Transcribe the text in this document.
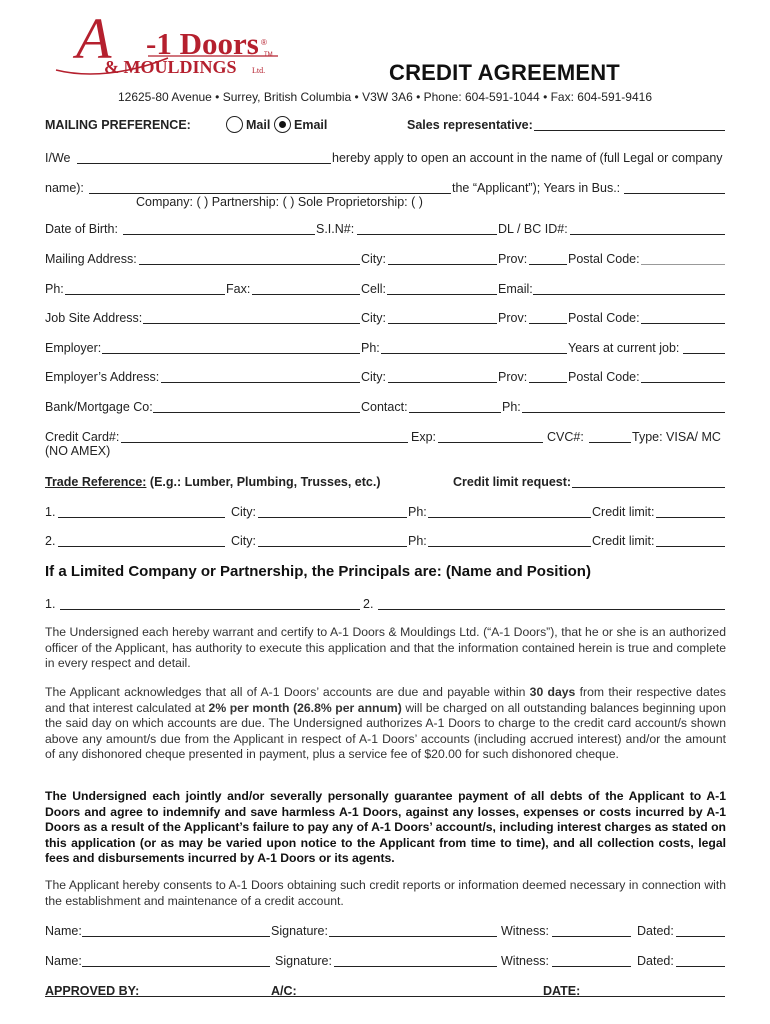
A -1 Doors ®
TM
& MOULDINGS Ltd.	CREDIT AGREEMENT
12625-80 Avenue • Surrey, British Columbia • V3W 3A6 • Phone: 604-591-1044 • Fax: 604-591-9416
MAILING PREFERENCE:	Mail Email	Sales representative:
I/We	hereby apply to open an account in the name of (full Legal or company
name):	the “Applicant”); Years in Bus.:
Company: ( ) Partnership: ( ) Sole Proprietorship: ( )
Date of Birth:	S.I.N#:	DL / BC ID#:
Mailing Address:	City:	Prov:	Postal Code:
Ph:	Fax:	Cell:	Email:
Job Site Address:	City:	Prov:	Postal Code:
Employer:	Ph:	Years at current job:
Employer’s Address:	City:	Prov:	Postal Code:
Bank/Mortgage Co:	Contact:	Ph:
Credit Card#:	Exp:	CVC#:	Type: VISA/ MC
(NO AMEX)
Trade Reference: (E.g.: Lumber, Plumbing, Trusses, etc.)	Credit limit request:
1.	City:	Ph:	Credit limit:
2.	City:	Ph:	Credit limit:
If a Limited Company or Partnership, the Principals are: (Name and Position)
1.	2.
The Undersigned each hereby warrant and certify to A-1 Doors & Mouldings Ltd. (“A-1 Doors”), that he or she is an authorized officer of the Applicant, has authority to execute this application and that the information contained herein is true and complete in every respect and detail.
The Applicant acknowledges that all of A-1 Doors’ accounts are due and payable within 30 days from their respective dates and that interest calculated at 2% per month (26.8% per annum) will be charged on all outstanding balances beginning upon the said day on which accounts are due. The Undersigned authorizes A-1 Doors to charge to the credit card account/s shown above any amount/s due from the Applicant in respect of A-1 Doors’ accounts (including accrued interest) and/or the amount of any dishonored cheque presented in payment, plus a service fee of $20.00 for such dishonored cheque.
The Undersigned each jointly and/or severally personally guarantee payment of all debts of the Applicant to A-1 Doors and agree to indemnify and save harmless A-1 Doors, against any losses, expenses or costs incurred by A-1 Doors as a result of the Applicant’s failure to pay any of A-1 Doors’ account/s, including interest charges as stated on this application (or as may be varied upon notice to the Applicant from time to time), and all collection costs, legal fees and disbursements incurred by A-1 Doors or its agents.
The Applicant hereby consents to A-1 Doors obtaining such credit reports or information deemed necessary in connection with the establishment and maintenance of a credit account.
Name:	Signature:	Witness:	Dated:
Name:	Signature:	Witness:	Dated:
APPROVED BY:	A/C:	DATE:
